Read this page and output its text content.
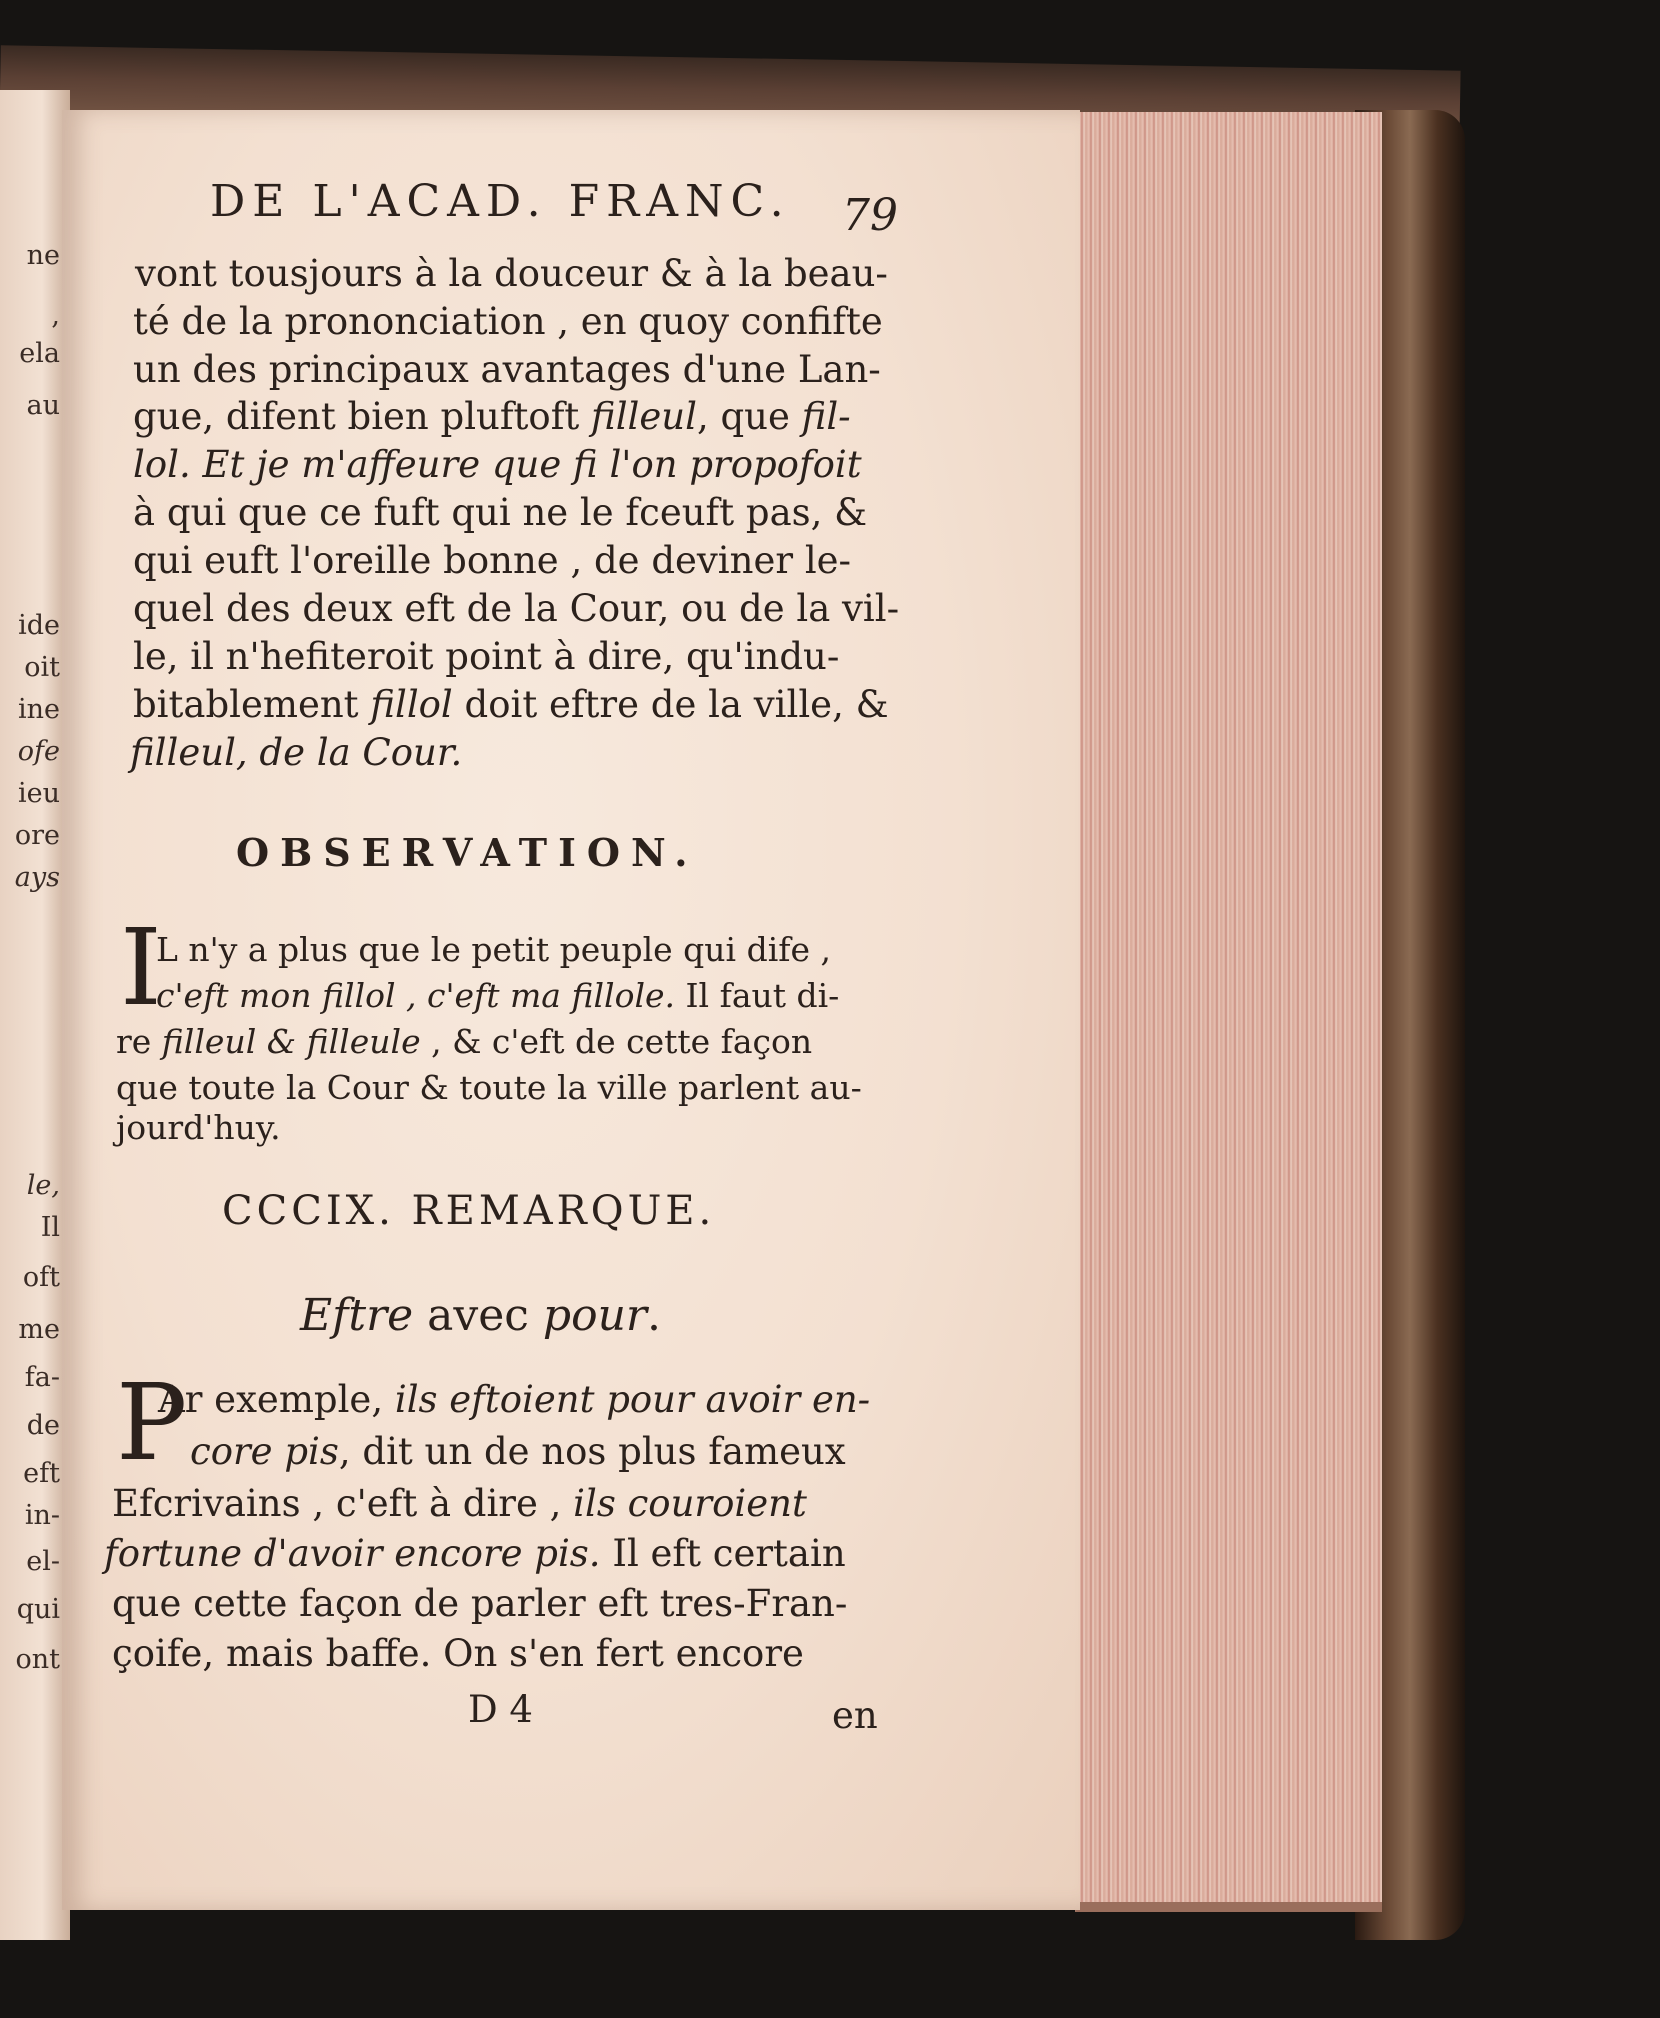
ne
,
ela
au
ide
oit
ine
ofe
ieu
ore
ays
le,
Il
oft
me
fa-
de
eft
in-
el-
qui
ont
DE L'ACAD. FRANC. 79
vont tousjours à la douceur & à la beau-
té de la prononciation , en quoy confifte
un des principaux avantages d'une Lan-
gue, difent bien pluftoft filleul, que fil-
lol. Et je m'affeure que fi l'on propofoit
à qui que ce fuft qui ne le fceuft pas, &
qui euft l'oreille bonne , de deviner le-
quel des deux eft de la Cour, ou de la vil-
le, il n'hefiteroit point à dire, qu'indu-
bitablement fillol doit eftre de la ville, &
filleul, de la Cour.
OBSERVATION.
I
L n'y a plus que le petit peuple qui dife ,
c'eft mon fillol , c'eft ma fillole. Il faut di-
re filleul & filleule , & c'eft de cette façon
que toute la Cour & toute la ville parlent au-
jourd'huy.
CCCIX. REMARQUE.
Eftre avec pour.
P
Ar exemple, ils eftoient pour avoir en-
core pis, dit un de nos plus fameux
Efcrivains , c'eft à dire , ils couroient
fortune d'avoir encore pis. Il eft certain
que cette façon de parler eft tres-Fran-
çoife, mais baffe. On s'en fert encore
D 4	en
